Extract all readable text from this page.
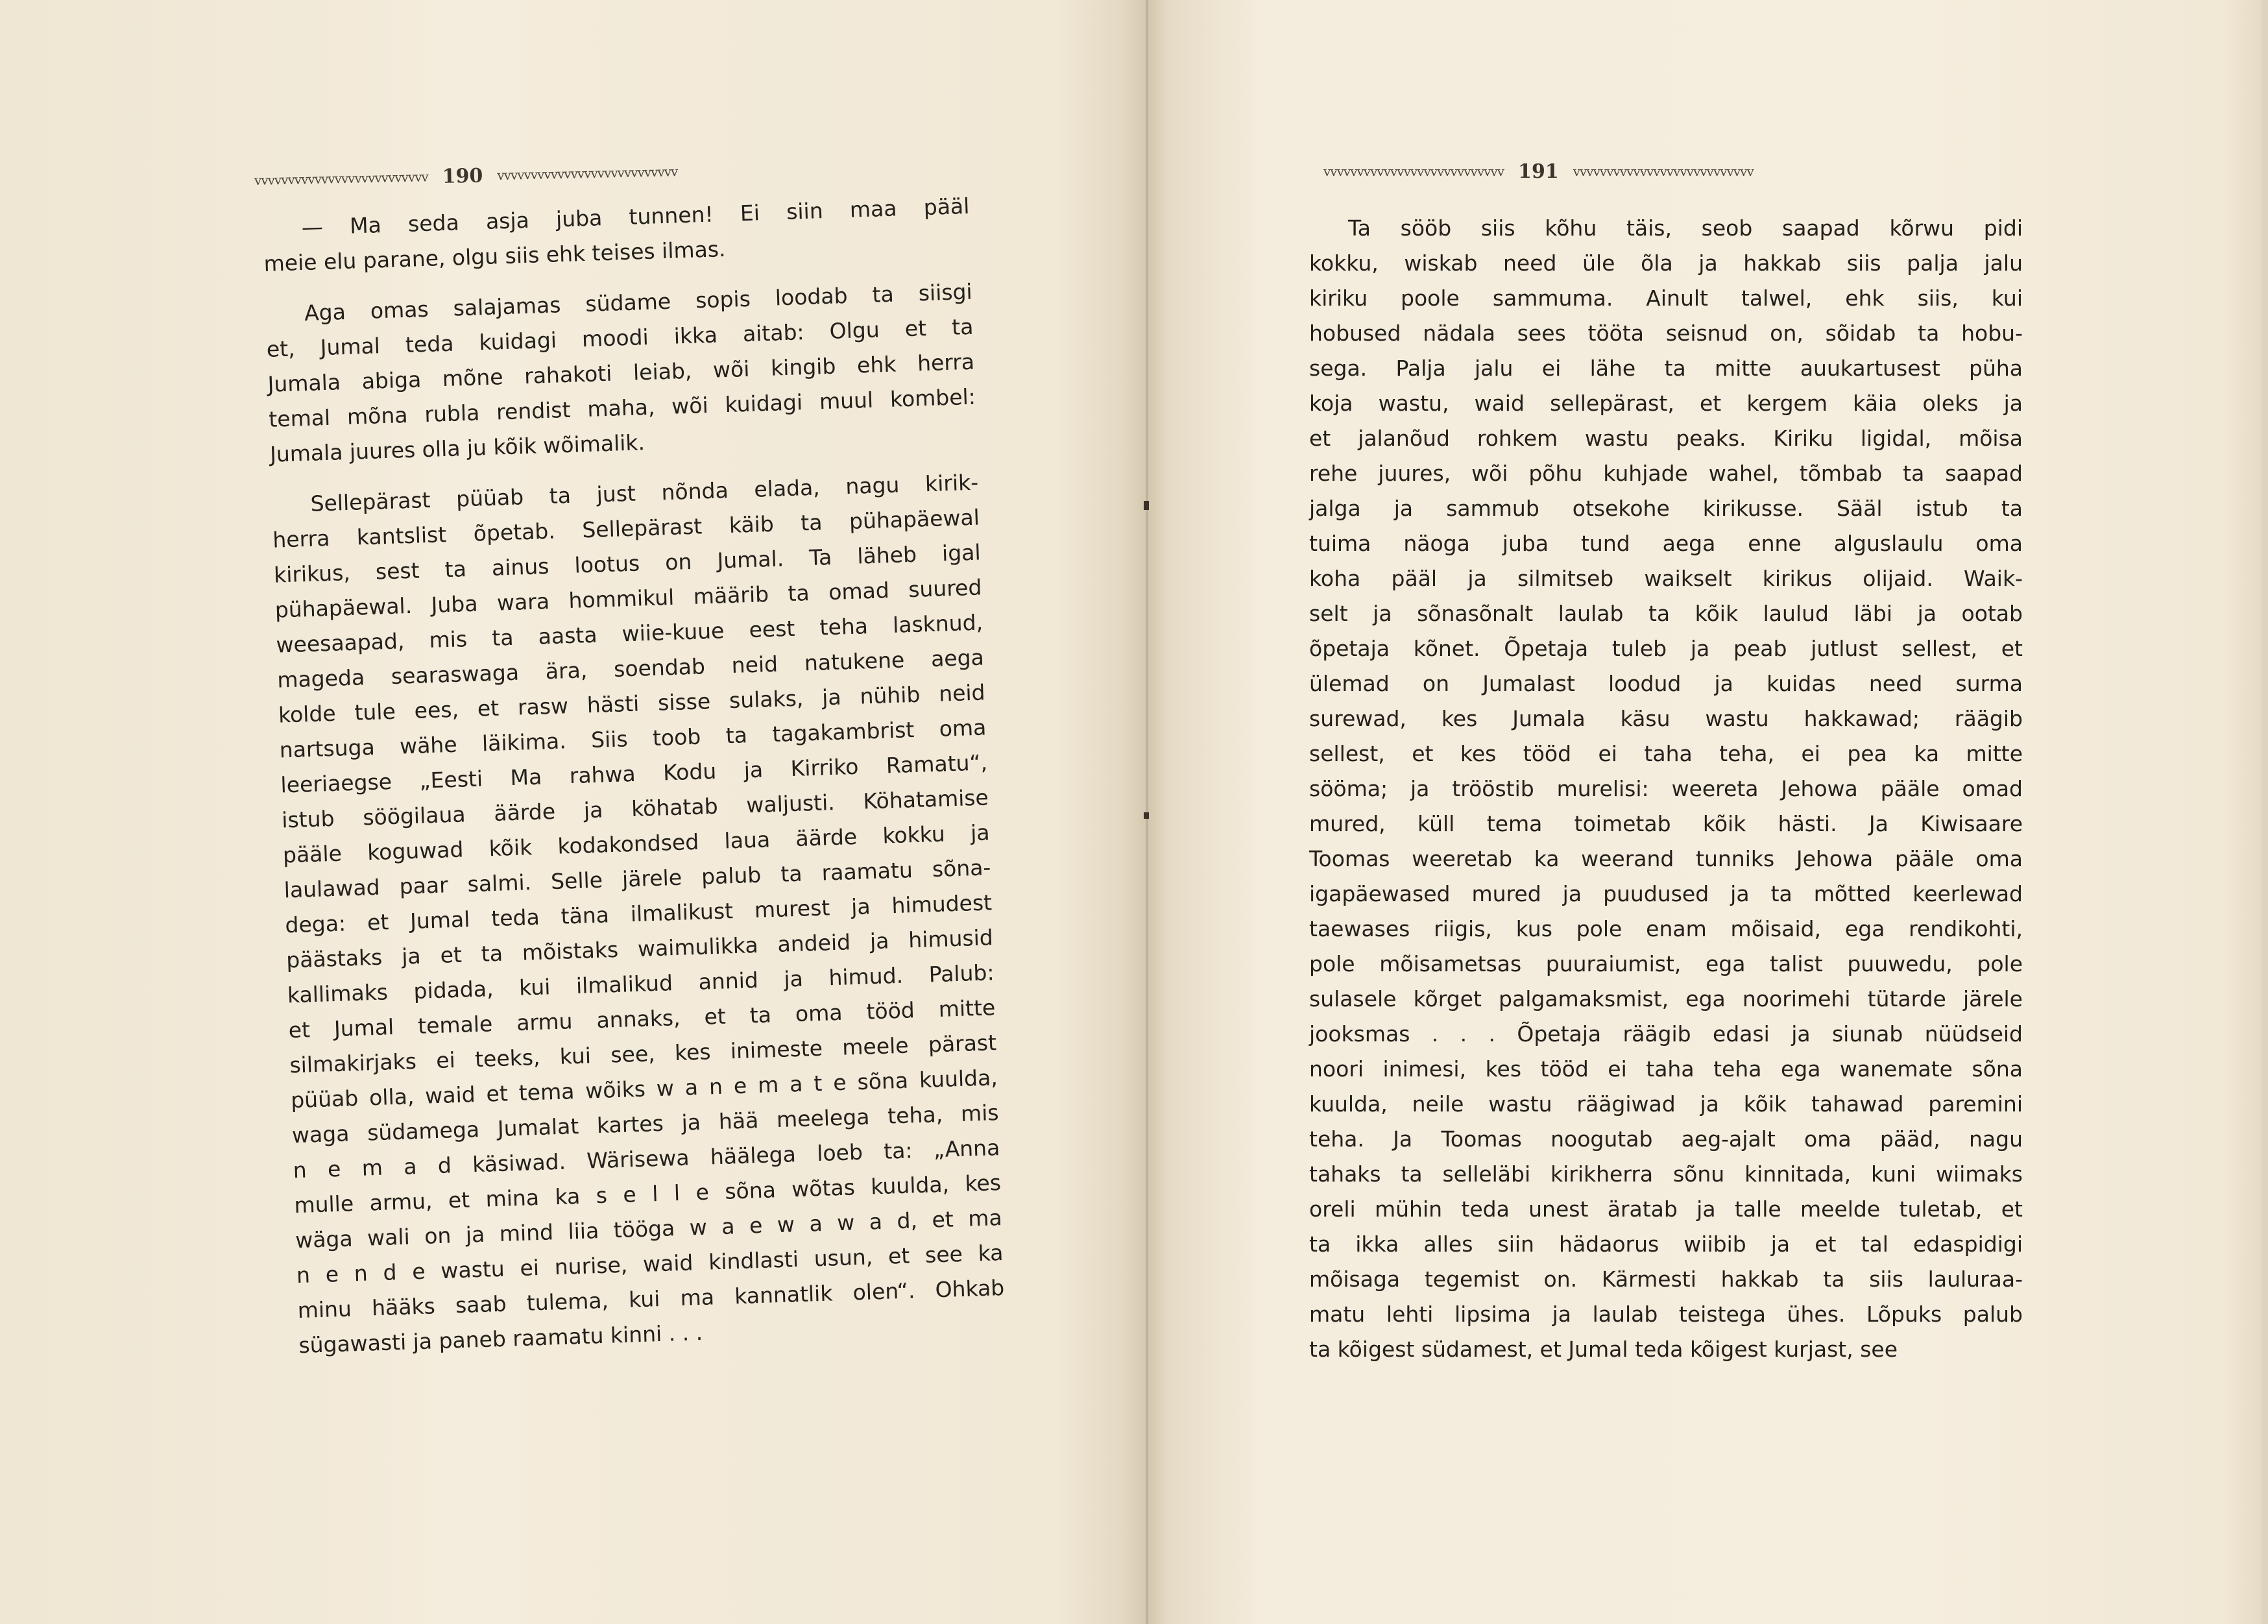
vvvvvvvvvvvvvvvvvvvvvvvvvv 190 vvvvvvvvvvvvvvvvvvvvvvvvvvv
— Ma seda asja juba tunnen! Ei siin maa pääl
meie elu parane, olgu siis ehk teises ilmas.
Aga omas salajamas südame sopis loodab ta siisgi
et, Jumal teda kuidagi moodi ikka aitab: Olgu et ta
Jumala abiga mõne rahakoti leiab, wõi kingib ehk herra
temal mõna rubla rendist maha, wõi kuidagi muul kombel:
Jumala juures olla ju kõik wõimalik.
Sellepärast püüab ta just nõnda elada, nagu kirik-
herra kantslist õpetab. Sellepärast käib ta pühapäewal
kirikus, sest ta ainus lootus on Jumal. Ta läheb igal
pühapäewal. Juba wara hommikul määrib ta omad suured
weesaapad, mis ta aasta wiie-kuue eest teha lasknud,
mageda searaswaga ära, soendab neid natukene aega
kolde tule ees, et rasw hästi sisse sulaks, ja nühib neid
nartsuga wähe läikima. Siis toob ta tagakambrist oma
leeriaegse „Eesti Ma rahwa Kodu ja Kirriko Ramatu“,
istub söögilaua äärde ja köhatab waljusti. Köhatamise
pääle koguwad kõik kodakondsed laua äärde kokku ja
laulawad paar salmi. Selle järele palub ta raamatu sõna-
dega: et Jumal teda täna ilmalikust murest ja himudest
päästaks ja et ta mõistaks waimulikka andeid ja himusid
kallimaks pidada, kui ilmalikud annid ja himud. Palub:
et Jumal temale armu annaks, et ta oma tööd mitte
silmakirjaks ei teeks, kui see, kes inimeste meele pärast
püüab olla, waid et tema wõiks w a n e m a t e sõna kuulda,
waga südamega Jumalat kartes ja hää meelega teha, mis
n e m a d käsiwad. Wärisewa häälega loeb ta: „Anna
mulle armu, et mina ka s e l l e sõna wõtas kuulda, kes
wäga wali on ja mind liia tööga w a e w a w a d, et ma
n e n d e wastu ei nurise, waid kindlasti usun, et see ka
minu hääks saab tulema, kui ma kannatlik olen“. Ohkab
sügawasti ja paneb raamatu kinni . . .
vvvvvvvvvvvvvvvvvvvvvvvvvvv 191 vvvvvvvvvvvvvvvvvvvvvvvvvvv
Ta sööb siis kõhu täis, seob saapad kõrwu pidi
kokku, wiskab need üle õla ja hakkab siis palja jalu
kiriku poole sammuma. Ainult talwel, ehk siis, kui
hobused nädala sees tööta seisnud on, sõidab ta hobu-
sega. Palja jalu ei lähe ta mitte auukartusest püha
koja wastu, waid sellepärast, et kergem käia oleks ja
et jalanõud rohkem wastu peaks. Kiriku ligidal, mõisa
rehe juures, wõi põhu kuhjade wahel, tõmbab ta saapad
jalga ja sammub otsekohe kirikusse. Sääl istub ta
tuima näoga juba tund aega enne alguslaulu oma
koha pääl ja silmitseb waikselt kirikus olijaid. Waik-
selt ja sõnasõnalt laulab ta kõik laulud läbi ja ootab
õpetaja kõnet. Õpetaja tuleb ja peab jutlust sellest, et
ülemad on Jumalast loodud ja kuidas need surma
surewad, kes Jumala käsu wastu hakkawad; räägib
sellest, et kes tööd ei taha teha, ei pea ka mitte
sööma; ja trööstib murelisi: weereta Jehowa pääle omad
mured, küll tema toimetab kõik hästi. Ja Kiwisaare
Toomas weeretab ka weerand tunniks Jehowa pääle oma
igapäewased mured ja puudused ja ta mõtted keerlewad
taewases riigis, kus pole enam mõisaid, ega rendikohti,
pole mõisametsas puuraiumist, ega talist puuwedu, pole
sulasele kõrget palgamaksmist, ega noorimehi tütarde järele
jooksmas . . . Õpetaja räägib edasi ja siunab nüüdseid
noori inimesi, kes tööd ei taha teha ega wanemate sõna
kuulda, neile wastu räägiwad ja kõik tahawad paremini
teha. Ja Toomas noogutab aeg-ajalt oma pääd, nagu
tahaks ta selleläbi kirikherra sõnu kinnitada, kuni wiimaks
oreli mühin teda unest äratab ja talle meelde tuletab, et
ta ikka alles siin hädaorus wiibib ja et tal edaspidigi
mõisaga tegemist on. Kärmesti hakkab ta siis lauluraa-
matu lehti lipsima ja laulab teistega ühes. Lõpuks palub
ta kõigest südamest, et Jumal teda kõigest kurjast, see
